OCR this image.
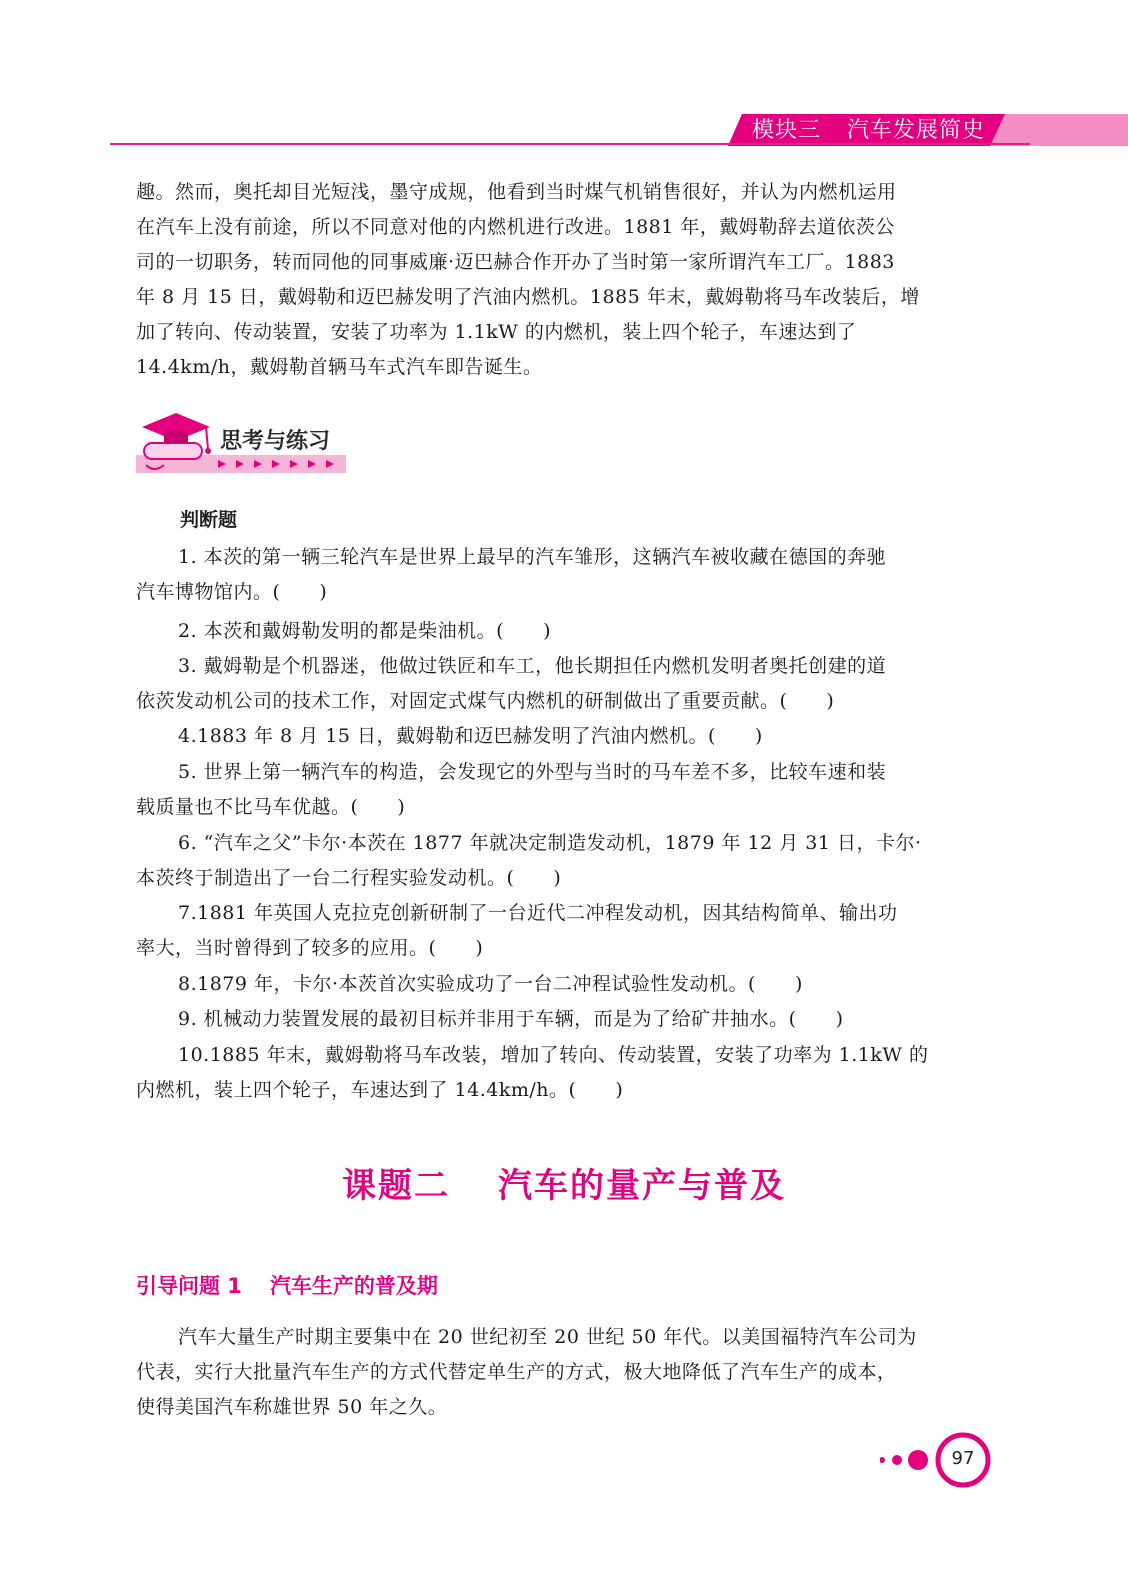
模块三 汽车发展简史
趣。然而，奥托却目光短浅，墨守成规，他看到当时煤气机销售很好，并认为内燃机运用
在汽车上没有前途，所以不同意对他的内燃机进行改进。1881 年，戴姆勒辞去道依茨公
司的一切职务，转而同他的同事威廉·迈巴赫合作开办了当时第一家所谓汽车工厂。1883
年 8 月 15 日，戴姆勒和迈巴赫发明了汽油内燃机。1885 年末，戴姆勒将马车改装后，增
加了转向、传动装置，安装了功率为 1.1kW 的内燃机，装上四个轮子，车速达到了
14.4km/h，戴姆勒首辆马车式汽车即告诞生。
思考与练习
判断题
1. 本茨的第一辆三轮汽车是世界上最早的汽车雏形，这辆汽车被收藏在德国的奔驰
汽车博物馆内。(　　)
2. 本茨和戴姆勒发明的都是柴油机。(　　)
3. 戴姆勒是个机器迷，他做过铁匠和车工，他长期担任内燃机发明者奥托创建的道
依茨发动机公司的技术工作，对固定式煤气内燃机的研制做出了重要贡献。(　　)
4.1883 年 8 月 15 日，戴姆勒和迈巴赫发明了汽油内燃机。(　　)
5. 世界上第一辆汽车的构造，会发现它的外型与当时的马车差不多，比较车速和装
载质量也不比马车优越。(　　)
6. “汽车之父”卡尔·本茨在 1877 年就决定制造发动机，1879 年 12 月 31 日，卡尔·
本茨终于制造出了一台二行程实验发动机。(　　)
7.1881 年英国人克拉克创新研制了一台近代二冲程发动机，因其结构简单、输出功
率大，当时曾得到了较多的应用。(　　)
8.1879 年，卡尔·本茨首次实验成功了一台二冲程试验性发动机。(　　)
9. 机械动力装置发展的最初目标并非用于车辆，而是为了给矿井抽水。(　　)
10.1885 年末，戴姆勒将马车改装，增加了转向、传动装置，安装了功率为 1.1kW 的
内燃机，装上四个轮子，车速达到了 14.4km/h。(　　)
课题二 汽车的量产与普及
引导问题 1 汽车生产的普及期
汽车大量生产时期主要集中在 20 世纪初至 20 世纪 50 年代。以美国福特汽车公司为
代表，实行大批量汽车生产的方式代替定单生产的方式，极大地降低了汽车生产的成本，
使得美国汽车称雄世界 50 年之久。
97
